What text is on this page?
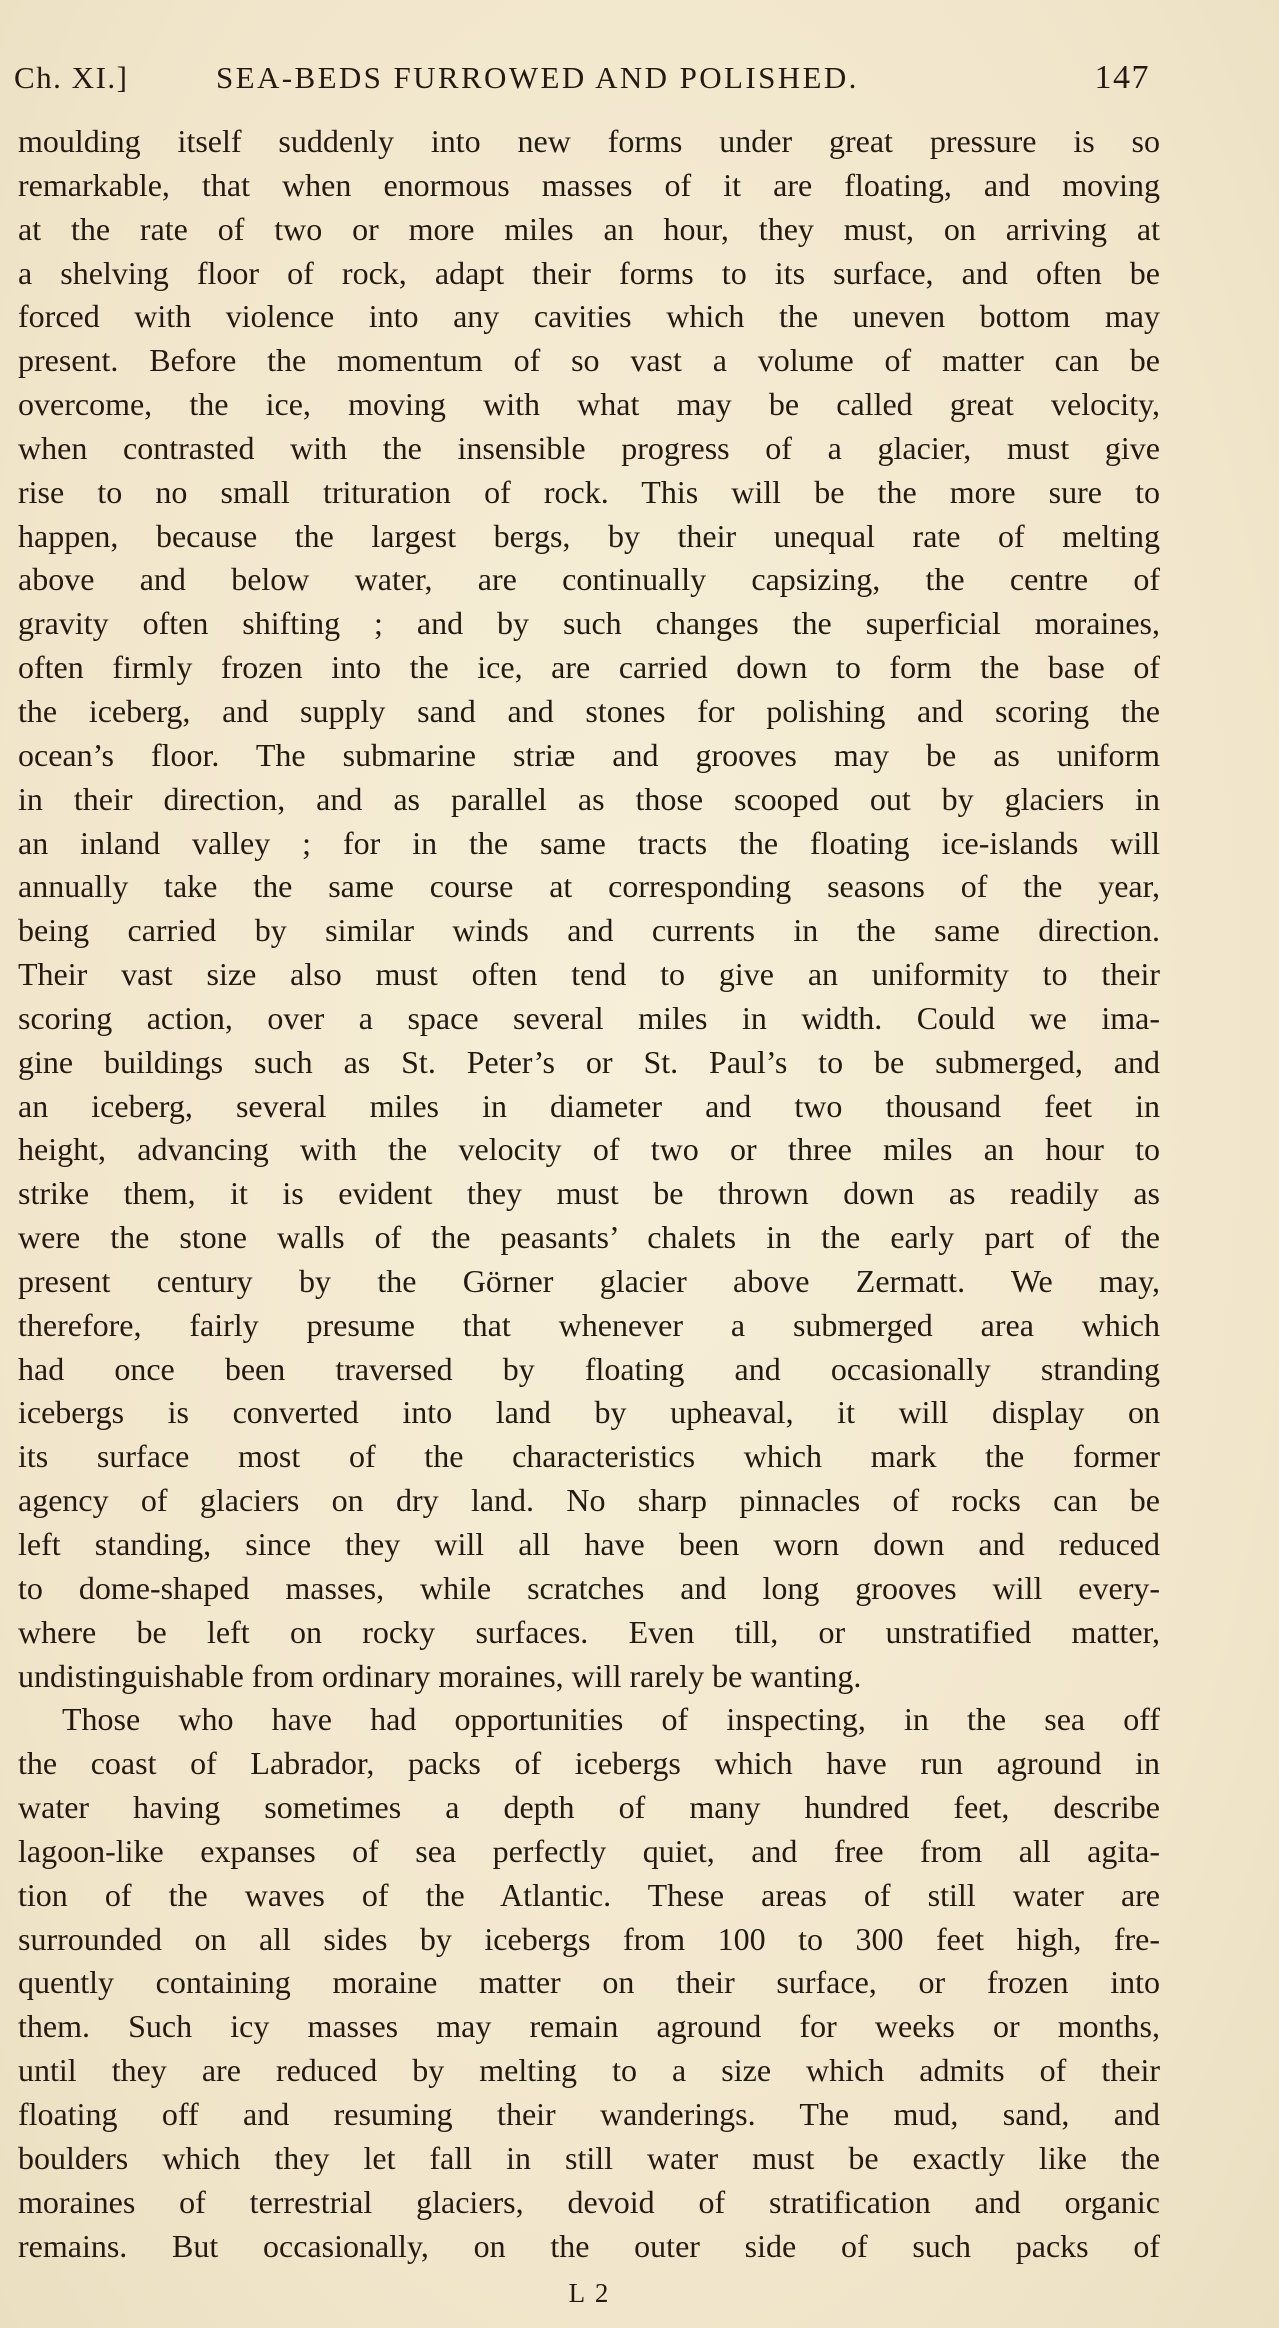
Ch. XI.]	SEA-BEDS FURROWED AND POLISHED.	147
moulding itself suddenly into new forms under great pressure is so
remarkable, that when enormous masses of it are floating, and moving
at the rate of two or more miles an hour, they must, on arriving at
a shelving floor of rock, adapt their forms to its surface, and often be
forced with violence into any cavities which the uneven bottom may
present. Before the momentum of so vast a volume of matter can be
overcome, the ice, moving with what may be called great velocity,
when contrasted with the insensible progress of a glacier, must give
rise to no small trituration of rock. This will be the more sure to
happen, because the largest bergs, by their unequal rate of melting
above and below water, are continually capsizing, the centre of
gravity often shifting ; and by such changes the superficial moraines,
often firmly frozen into the ice, are carried down to form the base of
the iceberg, and supply sand and stones for polishing and scoring the
ocean’s floor. The submarine striæ and grooves may be as uniform
in their direction, and as parallel as those scooped out by glaciers in
an inland valley ; for in the same tracts the floating ice-islands will
annually take the same course at corresponding seasons of the year,
being carried by similar winds and currents in the same direction.
Their vast size also must often tend to give an uniformity to their
scoring action, over a space several miles in width. Could we ima-
gine buildings such as St. Peter’s or St. Paul’s to be submerged, and
an iceberg, several miles in diameter and two thousand feet in
height, advancing with the velocity of two or three miles an hour to
strike them, it is evident they must be thrown down as readily as
were the stone walls of the peasants’ chalets in the early part of the
present century by the Görner glacier above Zermatt. We may,
therefore, fairly presume that whenever a submerged area which
had once been traversed by floating and occasionally stranding
icebergs is converted into land by upheaval, it will display on
its surface most of the characteristics which mark the former
agency of glaciers on dry land. No sharp pinnacles of rocks can be
left standing, since they will all have been worn down and reduced
to dome-shaped masses, while scratches and long grooves will every-
where be left on rocky surfaces. Even till, or unstratified matter,
undistinguishable from ordinary moraines, will rarely be wanting.
Those who have had opportunities of inspecting, in the sea off
the coast of Labrador, packs of icebergs which have run aground in
water having sometimes a depth of many hundred feet, describe
lagoon-like expanses of sea perfectly quiet, and free from all agita-
tion of the waves of the Atlantic. These areas of still water are
surrounded on all sides by icebergs from 100 to 300 feet high, fre-
quently containing moraine matter on their surface, or frozen into
them. Such icy masses may remain aground for weeks or months,
until they are reduced by melting to a size which admits of their
floating off and resuming their wanderings. The mud, sand, and
boulders which they let fall in still water must be exactly like the
moraines of terrestrial glaciers, devoid of stratification and organic
remains. But occasionally, on the outer side of such packs of
L 2
